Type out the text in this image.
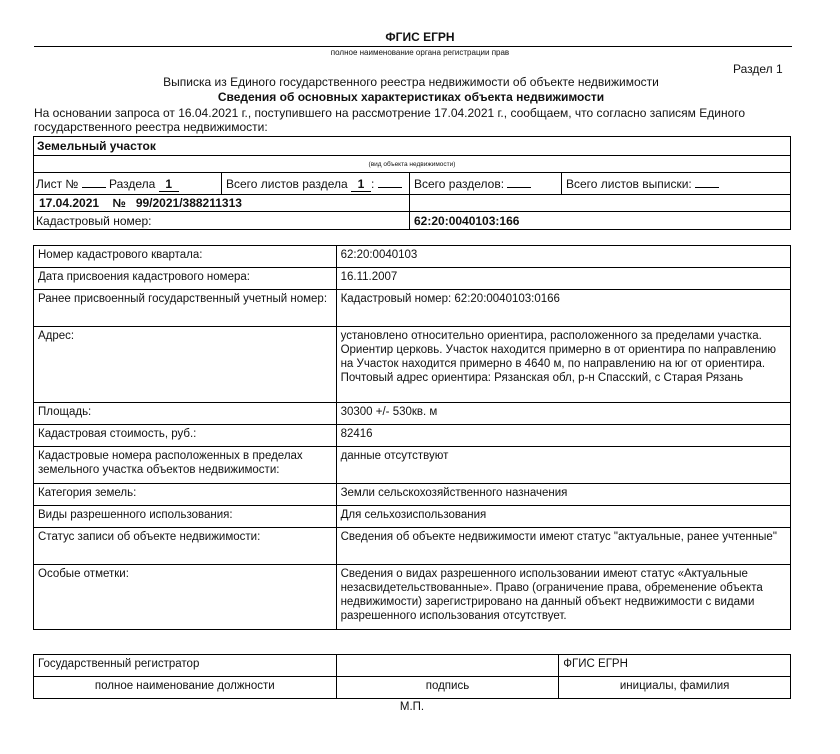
ФГИС ЕГРН
полное наименование органа регистрации прав
Раздел 1
Выписка из Единого государственного реестра недвижимости об объекте недвижимости
Сведения об основных характеристиках объекта недвижимости
На основании запроса от 16.04.2021 г., поступившего на рассмотрение 17.04.2021 г., сообщаем, что согласно записям Единого государственного реестра недвижимости:
Земельный участок
(вид объекта недвижимости)
Лист №	Раздела 1	Всего листов раздела 1 :	Всего разделов:	Всего листов выписки:
17.04.2021 № 99/2021/388211313
Кадастровый номер:	62:20:0040103:166
Номер кадастрового квартала:	62:20:0040103
Дата присвоения кадастрового номера:	16.11.2007
Ранее присвоенный государственный учетный номер:	Кадастровый номер: 62:20:0040103:0166
Адрес:	установлено относительно ориентира, расположенного за пределами участка. Ориентир церковь. Участок находится примерно в от ориентира по направлению на Участок находится примерно в 4640 м, по направлению на юг от ориентира.
Почтовый адрес ориентира: Рязанская обл, р-н Спасский, с Старая Рязань

Площадь:	30300 +/- 530кв. м
Кадастровая стоимость, руб.:	82416
Кадастровые номера расположенных в пределах земельного участка объектов недвижимости:	данные отсутствуют
Категория земель:	Земли сельскохозяйственного назначения
Виды разрешенного использования:	Для сельхозиспользования
Статус записи об объекте недвижимости:	Сведения об объекте недвижимости имеют статус "актуальные, ранее учтенные"
Особые отметки:	Сведения о видах разрешенного использовании имеют статус «Актуальные незасвидетельствованные». Право (ограничение права, обременение объекта недвижимости) зарегистрировано на данный объект недвижимости с видами разрешенного использования отсутствует.
Государственный регистратор		ФГИС ЕГРН
полное наименование должности	подпись	инициалы, фамилия
М.П.
